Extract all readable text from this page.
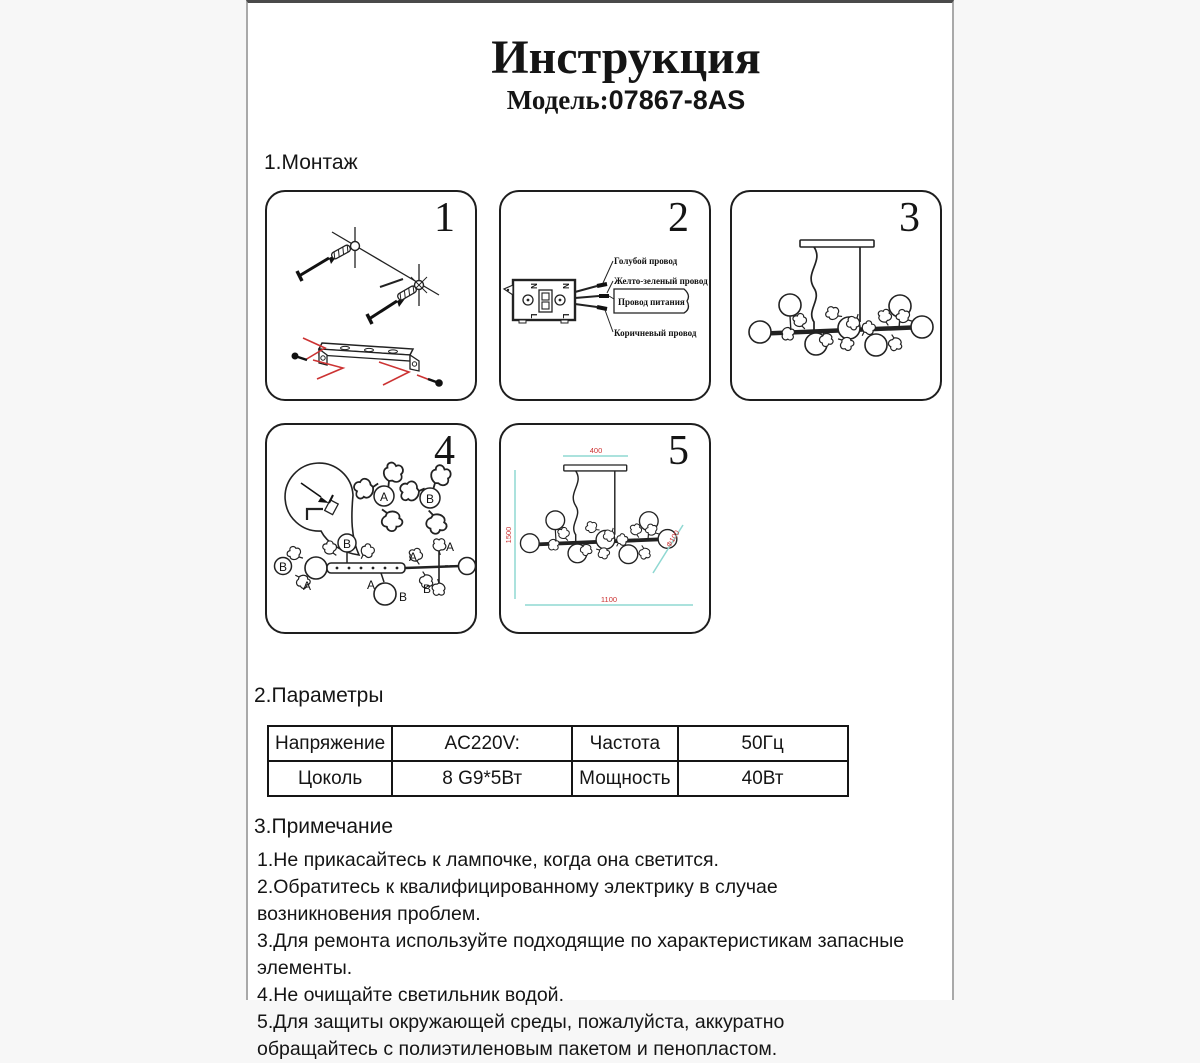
Инструкция
Модель:07867-8AS
1.Монтаж
1
N
L
N
L
Провод питания
Голубой провод
Желто-зеленый провод
Коричневый провод
2	3
A	B
B
A
B
A
B
A
A
B
4	400
1500
1100
Ф100
5
2.Параметры
Напряжение	AC220V:	Частота	50Гц
Цоколь	8 G9*5Вт	Мощность	40Вт
3.Примечание
1.Не прикасайтесь к лампочке, когда она светится.
2.Обратитесь к квалифицированному электрику в случае возникновения проблем.
3.Для ремонта используйте подходящие по характеристикам запасные элементы.
4.Не очищайте светильник водой.
5.Для защиты окружающей среды, пожалуйста, аккуратно обращайтесь с полиэтиленовым пакетом и пенопластом.
